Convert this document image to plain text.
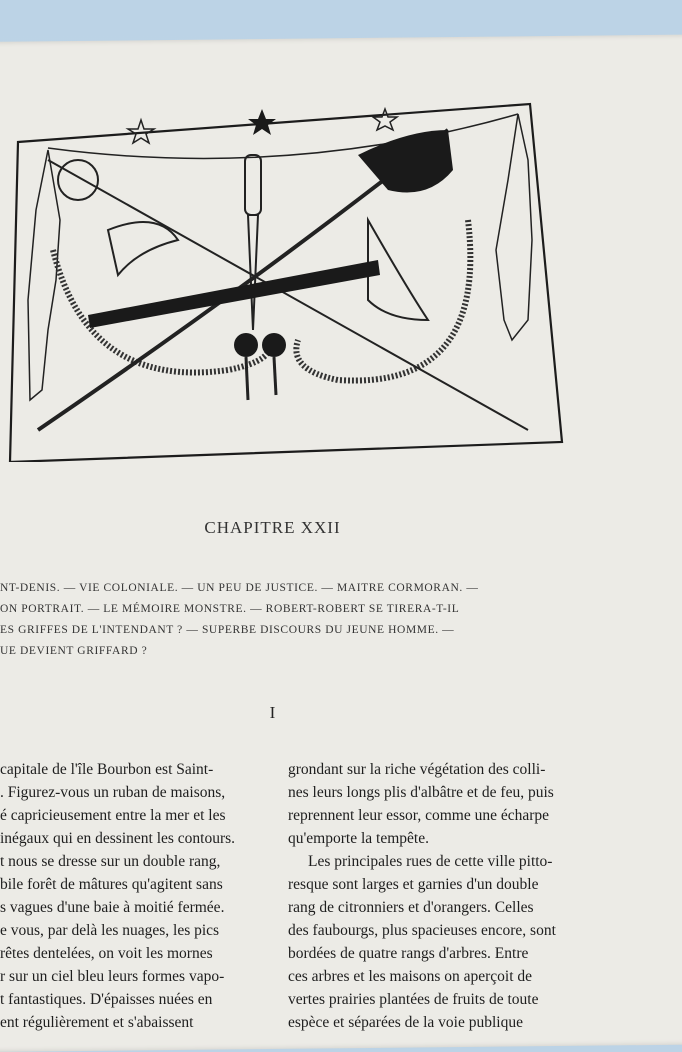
CHAPITRE XXII
NT-DENIS. — VIE COLONIALE. — UN PEU DE JUSTICE. — MAITRE CORMORAN. —
ON PORTRAIT. — LE MÉMOIRE MONSTRE. — ROBERT-ROBERT SE TIRERA-T-IL
ES GRIFFES DE L'INTENDANT ? — SUPERBE DISCOURS DU JEUNE HOMME. —
UE DEVIENT GRIFFARD ?
I
capitale de l'île Bourbon est Saint-
. Figurez-vous un ruban de maisons,
é capricieusement entre la mer et les
inégaux qui en dessinent les contours.
t nous se dresse sur un double rang,
bile forêt de mâtures qu'agitent sans
s vagues d'une baie à moitié fermée.
e vous, par delà les nuages, les pics
rêtes dentelées, on voit les mornes
r sur un ciel bleu leurs formes vapo-
t fantastiques. D'épaisses nuées en
ent régulièrement et s'abaissent
grondant sur la riche végétation des colli-
nes leurs longs plis d'albâtre et de feu, puis
reprennent leur essor, comme une écharpe
qu'emporte la tempête.
Les principales rues de cette ville pitto-
resque sont larges et garnies d'un double
rang de citronniers et d'orangers. Celles
des faubourgs, plus spacieuses encore, sont
bordées de quatre rangs d'arbres. Entre
ces arbres et les maisons on aperçoit de
vertes prairies plantées de fruits de toute
espèce et séparées de la voie publique
